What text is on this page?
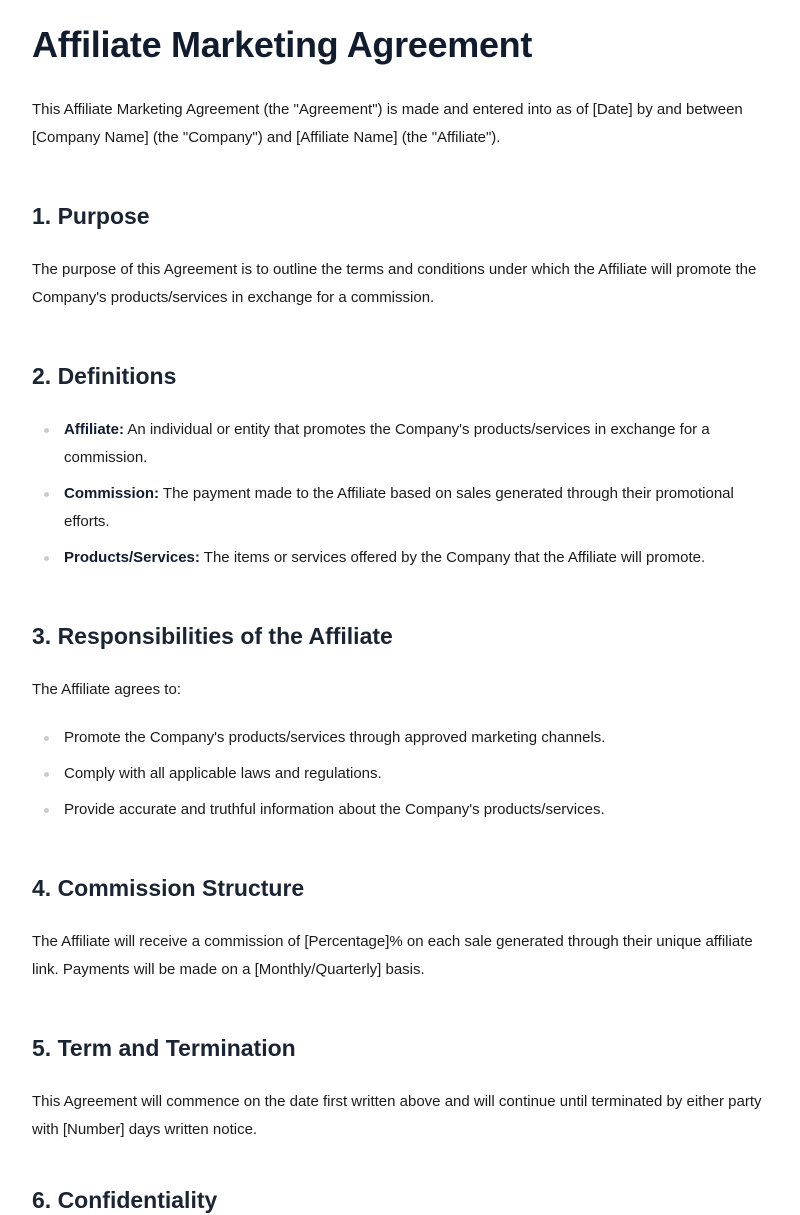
Affiliate Marketing Agreement

This Affiliate Marketing Agreement (the "Agreement") is made and entered into as of [Date] by and between [Company Name] (the "Company") and [Affiliate Name] (the "Affiliate").

1. Purpose

The purpose of this Agreement is to outline the terms and conditions under which the Affiliate will promote the Company's products/services in exchange for a commission.

2. Definitions
Affiliate: An individual or entity that promotes the Company's products/services in exchange for a commission.
Commission: The payment made to the Affiliate based on sales generated through their promotional efforts.
Products/Services: The items or services offered by the Company that the Affiliate will promote.
3. Responsibilities of the Affiliate

The Affiliate agrees to:

Promote the Company's products/services through approved marketing channels.
Comply with all applicable laws and regulations.
Provide accurate and truthful information about the Company's products/services.
4. Commission Structure

The Affiliate will receive a commission of [Percentage]% on each sale generated through their unique affiliate link. Payments will be made on a [Monthly/Quarterly] basis.

5. Term and Termination

This Agreement will commence on the date first written above and will continue until terminated by either party with [Number] days written notice.

6. Confidentiality
